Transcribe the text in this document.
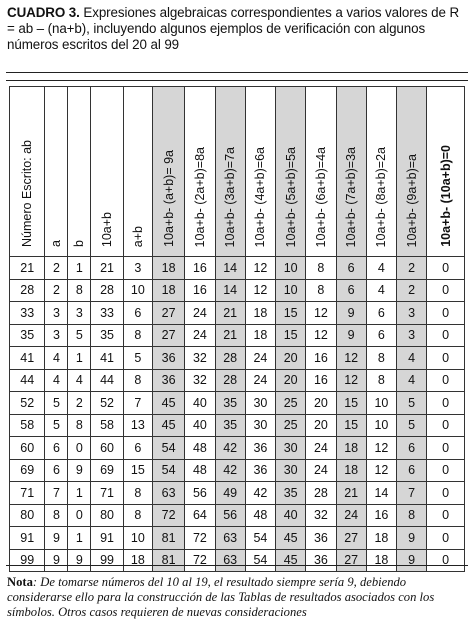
CUADRO 3. Expresiones algebraicas correspondientes a varios valores de R = ab – (na+b), incluyendo algunos ejemplos de verificación con algunos números escritos del 20 al 99
Número Escrito: ab	a	b	10a+b	a+b	10a+b- (a+b)= 9a	10a+b- (2a+b)=8a	10a+b- (3a+b)=7a	10a+b- (4a+b)=6a	10a+b- (5a+b)=5a	10a+b- (6a+b)=4a	10a+b- (7a+b)=3a	10a+b- (8a+b)=2a	10a+b- (9a+b)=a	10a+b- (10a+b)=0
21	2	1	21	3	18	16	14	12	10	8	6	4	2	0
28	2	8	28	10	18	16	14	12	10	8	6	4	2	0
33	3	3	33	6	27	24	21	18	15	12	9	6	3	0
35	3	5	35	8	27	24	21	18	15	12	9	6	3	0
41	4	1	41	5	36	32	28	24	20	16	12	8	4	0
44	4	4	44	8	36	32	28	24	20	16	12	8	4	0
52	5	2	52	7	45	40	35	30	25	20	15	10	5	0
58	5	8	58	13	45	40	35	30	25	20	15	10	5	0
60	6	0	60	6	54	48	42	36	30	24	18	12	6	0
69	6	9	69	15	54	48	42	36	30	24	18	12	6	0
71	7	1	71	8	63	56	49	42	35	28	21	14	7	0
80	8	0	80	8	72	64	56	48	40	32	24	16	8	0
91	9	1	91	10	81	72	63	54	45	36	27	18	9	0
99	9	9	99	18	81	72	63	54	45	36	27	18	9	0
Nota: De tomarse números del 10 al 19, el resultado siempre sería 9, debiendo considerarse ello para la construcción de las Tablas de resultados asociados con los símbolos. Otros casos requieren de nuevas consideraciones
